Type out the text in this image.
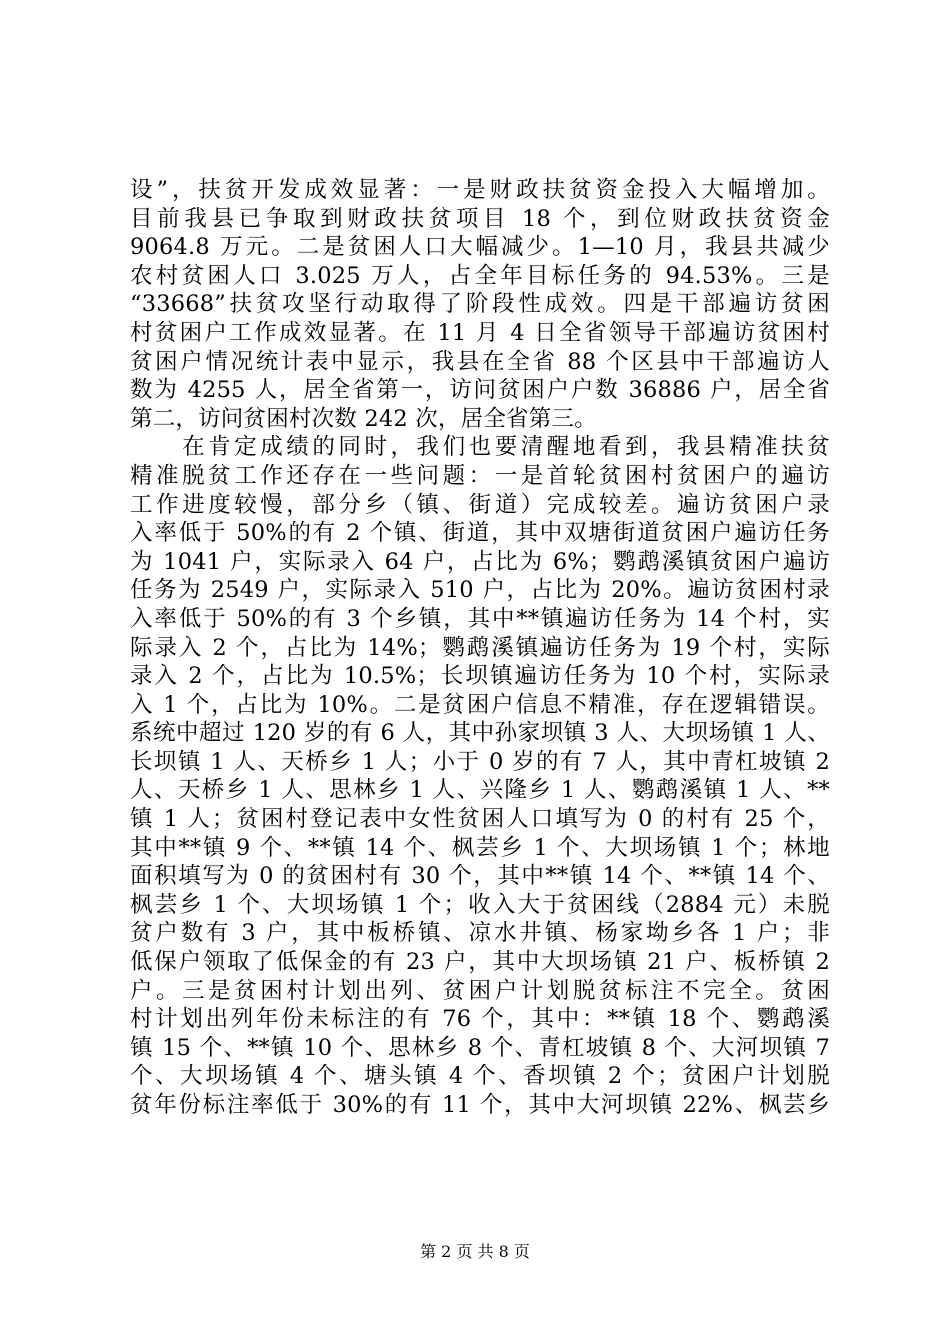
设”，扶贫开发成效显著：一是财政扶贫资金投入大幅增加。
目前我县已争取到财政扶贫项目 18 个，到位财政扶贫资金
9064.8 万元。二是贫困人口大幅减少。1—10 月，我县共减少
农村贫困人口 3.025 万人，占全年目标任务的 94.53%。三是
“33668”扶贫攻坚行动取得了阶段性成效。四是干部遍访贫困
村贫困户工作成效显著。在 11 月 4 日全省领导干部遍访贫困村
贫困户情况统计表中显示，我县在全省 88 个区县中干部遍访人
数为 4255 人，居全省第一，访问贫困户户数 36886 户，居全省
第二，访问贫困村次数 242 次，居全省第三。
　　在肯定成绩的同时，我们也要清醒地看到，我县精准扶贫
精准脱贫工作还存在一些问题：一是首轮贫困村贫困户的遍访
工作进度较慢，部分乡（镇、街道）完成较差。遍访贫困户录
入率低于 50%的有 2 个镇、街道，其中双塘街道贫困户遍访任务
为 1041 户，实际录入 64 户，占比为 6%；鹦鹉溪镇贫困户遍访
任务为 2549 户，实际录入 510 户，占比为 20%。遍访贫困村录
入率低于 50%的有 3 个乡镇，其中**镇遍访任务为 14 个村，实
际录入 2 个，占比为 14%；鹦鹉溪镇遍访任务为 19 个村，实际
录入 2 个，占比为 10.5%；长坝镇遍访任务为 10 个村，实际录
入 1 个，占比为 10%。二是贫困户信息不精准，存在逻辑错误。
系统中超过 120 岁的有 6 人，其中孙家坝镇 3 人、大坝场镇 1 人、
长坝镇 1 人、天桥乡 1 人；小于 0 岁的有 7 人，其中青杠坡镇 2
人、天桥乡 1 人、思林乡 1 人、兴隆乡 1 人、鹦鹉溪镇 1 人、**
镇 1 人；贫困村登记表中女性贫困人口填写为 0 的村有 25 个，
其中**镇 9 个、**镇 14 个、枫芸乡 1 个、大坝场镇 1 个；林地
面积填写为 0 的贫困村有 30 个，其中**镇 14 个、**镇 14 个、
枫芸乡 1 个、大坝场镇 1 个；收入大于贫困线（2884 元）未脱
贫户数有 3 户，其中板桥镇、凉水井镇、杨家坳乡各 1 户；非
低保户领取了低保金的有 23 户，其中大坝场镇 21 户、板桥镇 2
户。三是贫困村计划出列、贫困户计划脱贫标注不完全。贫困
村计划出列年份未标注的有 76 个，其中：**镇 18 个、鹦鹉溪
镇 15 个、**镇 10 个、思林乡 8 个、青杠坡镇 8 个、大河坝镇 7
个、大坝场镇 4 个、塘头镇 4 个、香坝镇 2 个；贫困户计划脱
贫年份标注率低于 30%的有 11 个，其中大河坝镇 22%、枫芸乡
第 2 页 共 8 页
